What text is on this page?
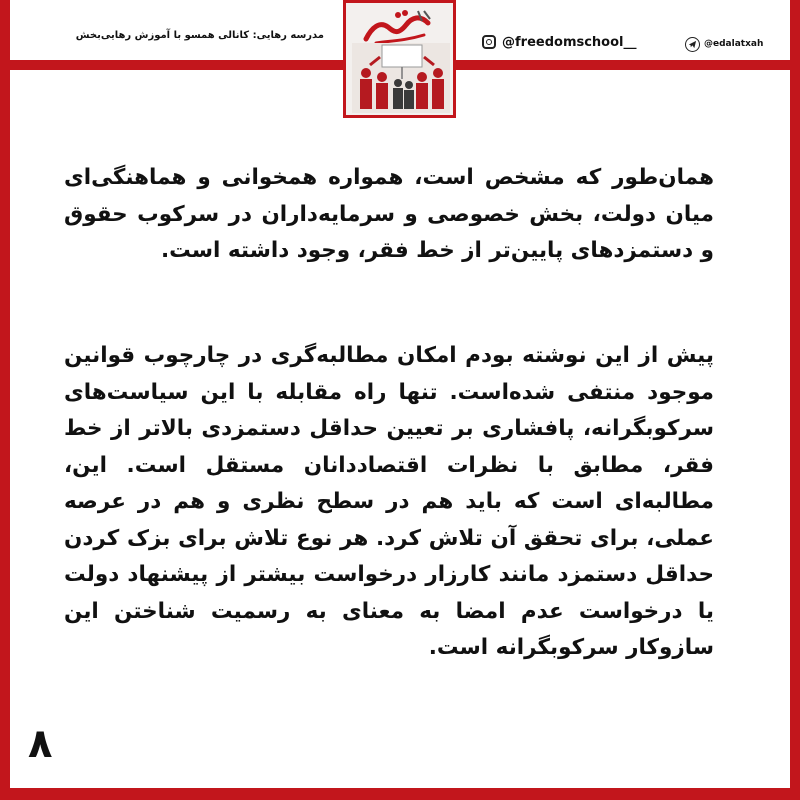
مدرسه رهایی: کانالی همسو با آموزش رهایی‌بخش	@freedomschool__	@edalatxah
همان‌طور که مشخص است، همواره همخوانی و هماهنگی‌ای میان دولت، بخش خصوصی و سرمایه‌داران در سرکوب حقوق و دستمزدهای پایین‌تر از خط فقر، وجود داشته است.
پیش از این نوشته بودم امکان مطالبه‌گری در چارچوب قوانین موجود منتفی شده‌است. تنها راه مقابله با این سیاست‌های سرکوبگرانه، پافشاری بر تعیین حداقل دستمزدی بالاتر از خط فقر، مطابق با نظرات اقتصاددانان مستقل است. این، مطالبه‌ای است که باید هم در سطح نظری و هم در عرصه عملی، برای تحقق آن تلاش کرد. هر نوع تلاش برای بزک کردن حداقل دستمزد مانند کارزار درخواست بیشتر از پیشنهاد دولت یا درخواست عدم امضا به معنای به رسمیت شناختن این سازوکار سرکوبگرانه است.
۸
